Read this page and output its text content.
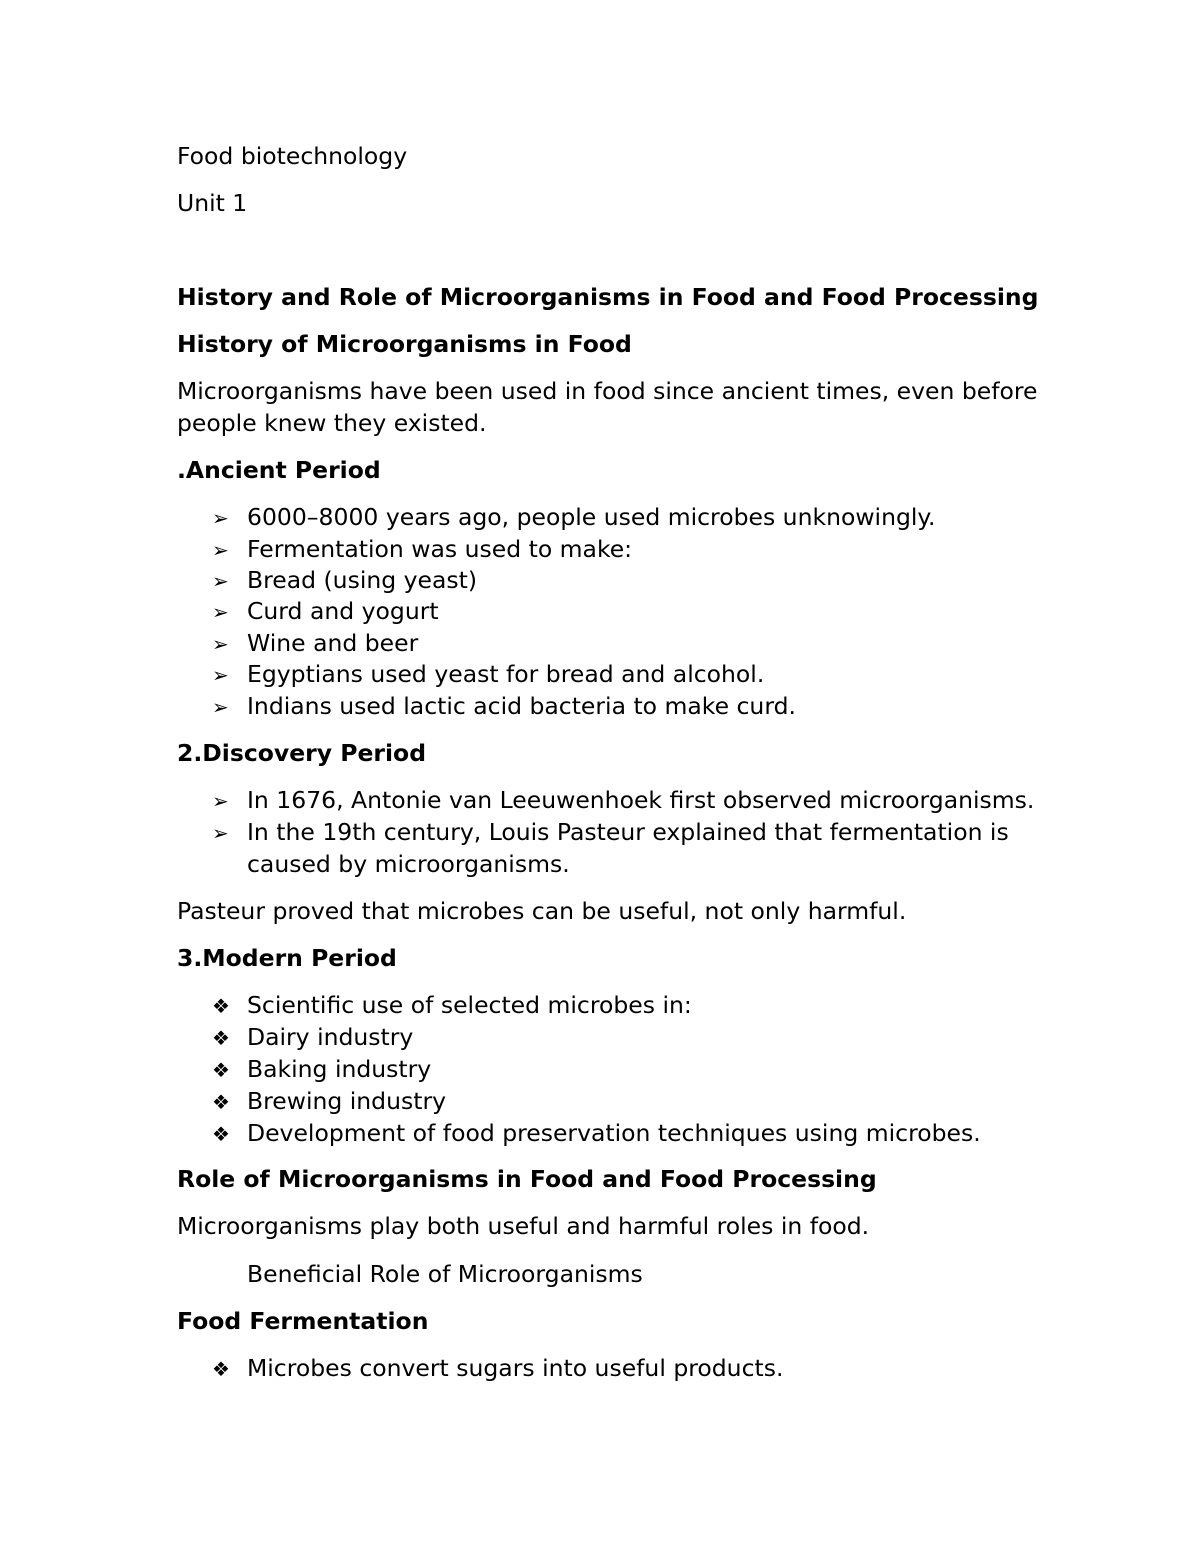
Food biotechnology
Unit 1
History and Role of Microorganisms in Food and Food Processing
History of Microorganisms in Food
Microorganisms have been used in food since ancient times, even before
people knew they existed.
.Ancient Period
➢ 6000–8000 years ago, people used microbes unknowingly.
➢ Fermentation was used to make:
➢ Bread (using yeast)
➢ Curd and yogurt
➢ Wine and beer
➢ Egyptians used yeast for bread and alcohol.
➢ Indians used lactic acid bacteria to make curd.
2.Discovery Period
➢ In 1676, Antonie van Leeuwenhoek first observed microorganisms.
➢ In the 19th century, Louis Pasteur explained that fermentation is
caused by microorganisms.
Pasteur proved that microbes can be useful, not only harmful.
3.Modern Period
❖ Scientific use of selected microbes in:
❖ Dairy industry
❖ Baking industry
❖ Brewing industry
❖ Development of food preservation techniques using microbes.
Role of Microorganisms in Food and Food Processing
Microorganisms play both useful and harmful roles in food.
Beneficial Role of Microorganisms
Food Fermentation
❖ Microbes convert sugars into useful products.
